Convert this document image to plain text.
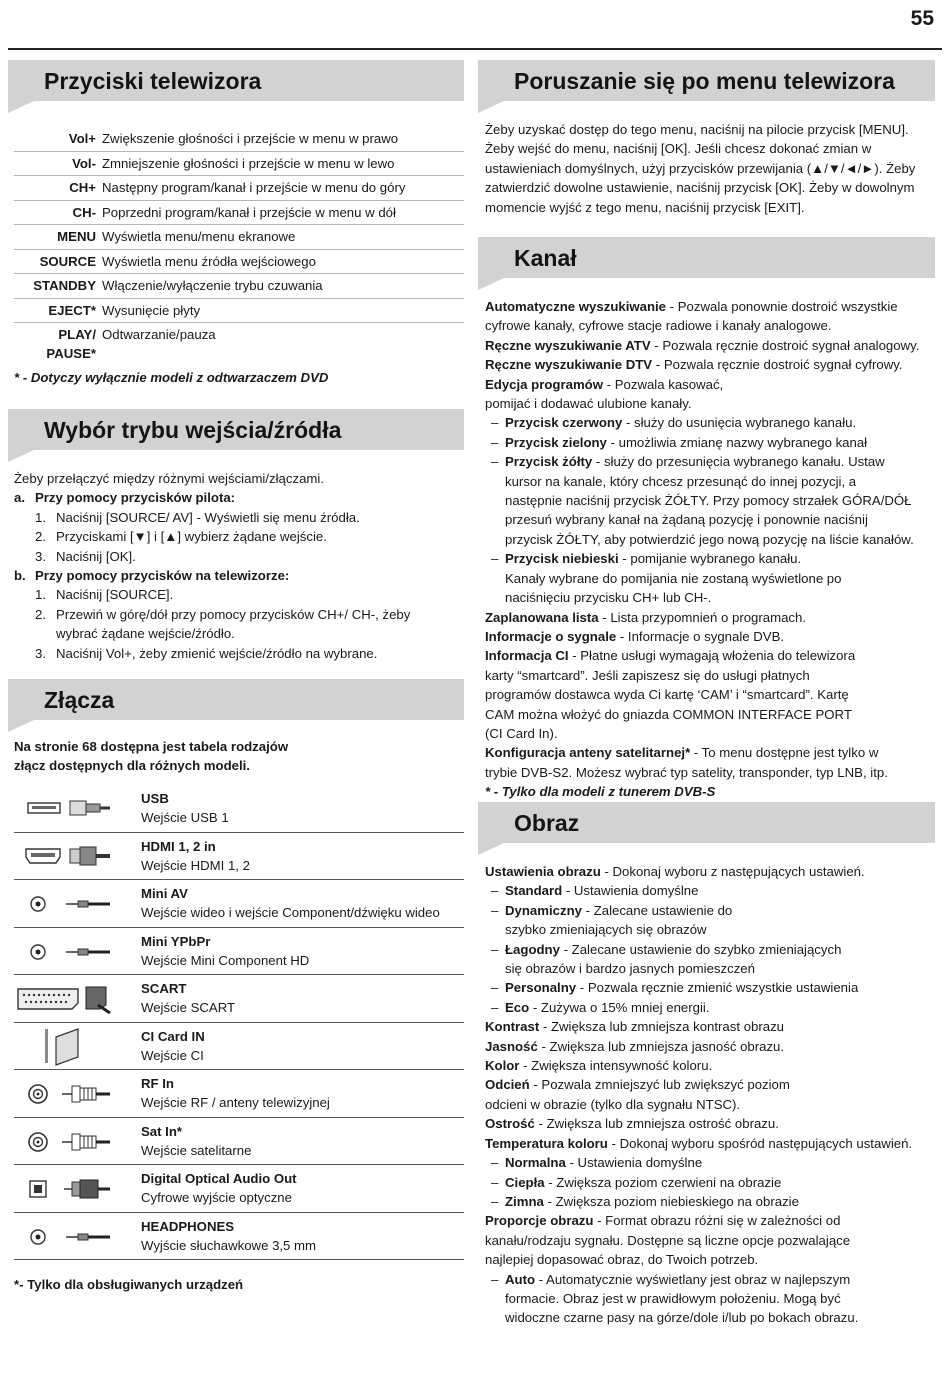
55
Przyciski telewizora
Vol+ Zwiększenie głośności i przejście w menu w prawo
Vol- Zmniejszenie głośności i przejście w menu w lewo
CH+ Następny program/kanał i przejście w menu do góry
CH- Poprzedni program/kanał i przejście w menu w dół
MENU Wyświetla menu/menu ekranowe
SOURCE Wyświetla menu źródła wejściowego
STANDBY Włączenie/wyłączenie trybu czuwania
EJECT* Wysunięcie płyty
PLAY/ PAUSE*
Odtwarzanie/pauza
* - Dotyczy wyłącznie modeli z odtwarzaczem DVD
Wybór trybu wejścia/źródła
Żeby przełączyć między różnymi wejściami/złączami.
a. Przy pomocy przycisków pilota:
1. Naciśnij [SOURCE/ AV] - Wyświetli się menu źródła.
2. Przyciskami [▼] i [▲] wybierz żądane wejście.
3. Naciśnij [OK].
b. Przy pomocy przycisków na telewizorze:
1. Naciśnij [SOURCE].
2. Przewiń w górę/dół przy pomocy przycisków CH+/ CH-, żeby wybrać żądane wejście/źródło.
3. Naciśnij Vol+, żeby zmienić wejście/źródło na wybrane.
Złącza
Na stronie 68 dostępna jest tabela rodzajów złącz dostępnych dla różnych modeli.
USB
Wejście USB 1
HDMI 1, 2 in
Wejście HDMI 1, 2
Mini AV
Wejście wideo i wejście Component/dźwięku wideo
Mini YPbPr
Wejście Mini Component HD
SCART
Wejście SCART
CI Card IN
Wejście CI
RF In
Wejście RF / anteny telewizyjnej
Sat In*
Wejście satelitarne
Digital Optical Audio Out
Cyfrowe wyjście optyczne
HEADPHONES
Wyjście słuchawkowe 3,5 mm
*- Tylko dla obsługiwanych urządzeń
Poruszanie się po menu telewizora
Żeby uzyskać dostęp do tego menu, naciśnij na pilocie przycisk [MENU]. Żeby wejść do menu, naciśnij [OK]. Jeśli chcesz dokonać zmian w ustawieniach domyślnych, użyj przycisków przewijania (▲/▼/◄/►). Żeby zatwierdzić dowolne ustawienie, naciśnij przycisk [OK]. Żeby w dowolnym momencie wyjść z tego menu, naciśnij przycisk [EXIT].
Kanał
Automatyczne wyszukiwanie - Pozwala ponownie dostroić wszystkie cyfrowe kanały, cyfrowe stacje radiowe i kanały analogowe.
Ręczne wyszukiwanie ATV - Pozwala ręcznie dostroić sygnał analogowy.
Ręczne wyszukiwanie DTV - Pozwala ręcznie dostroić sygnał cyfrowy.
Edycja programów - Pozwala kasować,
pomijać i dodawać ulubione kanały.
– Przycisk czerwony - służy do usunięcia wybranego kanału.
– Przycisk zielony - umożliwia zmianę nazwy wybranego kanał
– Przycisk żółty - służy do przesunięcia wybranego kanału. Ustaw kursor na kanale, który chcesz przesunąć do innej pozycji, a następnie naciśnij przycisk ŻÓŁTY. Przy pomocy strzałek GÓRA/DÓŁ przesuń wybrany kanał na żądaną pozycję i ponownie naciśnij przycisk ŻÓŁTY, aby potwierdzić jego nową pozycję na liście kanałów.
– Przycisk niebieski - pomijanie wybranego kanału.
Kanały wybrane do pomijania nie zostaną wyświetlone po naciśnięciu przycisku CH+ lub CH-.
Zaplanowana lista - Lista przypomnień o programach.
Informacje o sygnale - Informacje o sygnale DVB.
Informacja CI - Płatne usługi wymagają włożenia do telewizora karty “smartcard”. Jeśli zapiszesz się do usługi płatnych programów dostawca wyda Ci kartę ‘CAM’ i “smartcard”. Kartę CAM można włożyć do gniazda COMMON INTERFACE PORT (CI Card In).
Konfiguracja anteny satelitarnej* - To menu dostępne jest tylko w trybie DVB-S2. Możesz wybrać typ satelity, transponder, typ LNB, itp.
* - Tylko dla modeli z tunerem DVB-S
Obraz
Ustawienia obrazu - Dokonaj wyboru z następujących ustawień.
– Standard - Ustawienia domyślne
– Dynamiczny - Zalecane ustawienie do
szybko zmieniających się obrazów
– Łagodny - Zalecane ustawienie do szybko zmieniających
się obrazów i bardzo jasnych pomieszczeń
– Personalny - Pozwala ręcznie zmienić wszystkie ustawienia
– Eco - Zużywa o 15% mniej energii.
Kontrast - Zwiększa lub zmniejsza kontrast obrazu
Jasność - Zwiększa lub zmniejsza jasność obrazu.
Kolor - Zwiększa intensywność koloru.
Odcień - Pozwala zmniejszyć lub zwiększyć poziom
odcieni w obrazie (tylko dla sygnału NTSC).
Ostrość - Zwiększa lub zmniejsza ostrość obrazu.
Temperatura koloru - Dokonaj wyboru spośród następujących ustawień.
– Normalna - Ustawienia domyślne
– Ciepła - Zwiększa poziom czerwieni na obrazie
– Zimna - Zwiększa poziom niebieskiego na obrazie
Proporcje obrazu - Format obrazu różni się w zależności od kanału/rodzaju sygnału. Dostępne są liczne opcje pozwalające najlepiej dopasować obraz, do Twoich potrzeb.
– Auto - Automatycznie wyświetlany jest obraz w najlepszym formacie. Obraz jest w prawidłowym położeniu. Mogą być widoczne czarne pasy na górze/dole i/lub po bokach obrazu.
